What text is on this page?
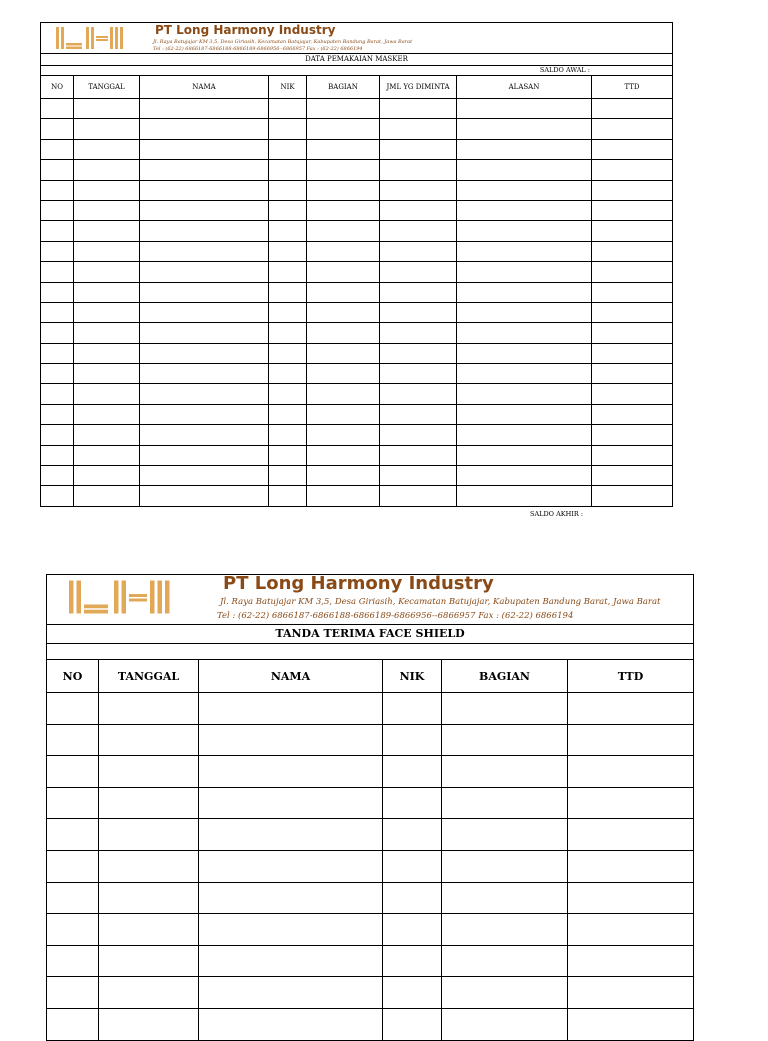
PT Long Harmony Industry
Jl. Raya Batujajar KM 3,5, Desa Giriasih, Kecamatan Batujajar, Kabupaten Bandung Barat, Jawa Barat
Tel : (62-22) 6866187-6866188-6866189-6866956--6866957 Fax : (62-22) 6866194							

DATA PEMAKAIAN MASKER							
SALDO AWAL :							
NO	TANGGAL	NAMA	NIK	BAGIAN	JML YG DIMINTA	ALASAN	TTD

SALDO AKHIR :
PT Long Harmony Industry
Jl. Raya Batujajar KM 3,5, Desa Giriasih, Kecamatan Batujajar, Kabupaten Bandung Barat, Jawa Barat
Tel : (62-22) 6866187-6866188-6866189-6866956--6866957 Fax : (62-22) 6866194					

TANDA TERIMA FACE SHIELD					

NO	TANGGAL	NAMA	NIK	BAGIAN	TTD
